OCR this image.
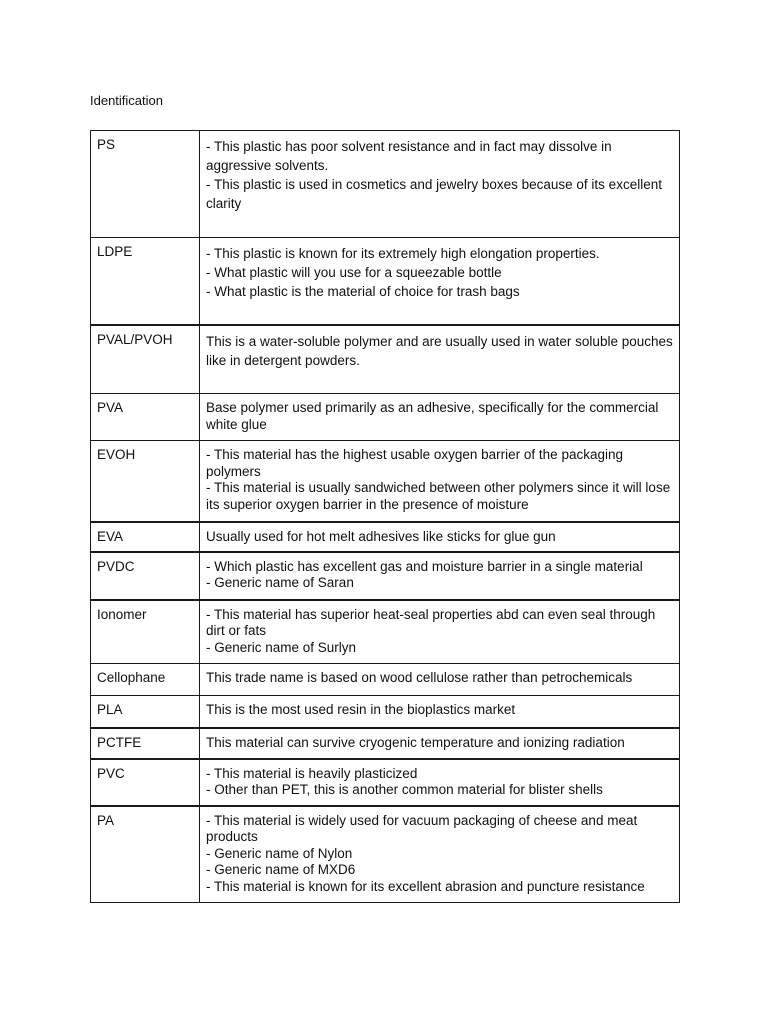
Identification

PS	- This plastic has poor solvent resistance and in fact may dissolve in aggressive solvents.
- This plastic is used in cosmetics and jewelry boxes because of its excellent clarity

LDPE	- This plastic is known for its extremely high elongation properties.
- What plastic will you use for a squeezable bottle
- What plastic is the material of choice for trash bags

PVAL/PVOH	This is a water-soluble polymer and are usually used in water soluble pouches like in detergent powders.

PVA	Base polymer used primarily as an adhesive, specifically for the commercial white glue

EVOH	- This material has the highest usable oxygen barrier of the packaging polymers
- This material is usually sandwiched between other polymers since it will lose its superior oxygen barrier in the presence of moisture

EVA	Usually used for hot melt adhesives like sticks for glue gun

PVDC	- Which plastic has excellent gas and moisture barrier in a single material
- Generic name of Saran

Ionomer	- This material has superior heat-seal properties abd can even seal through dirt or fats
- Generic name of Surlyn

Cellophane	This trade name is based on wood cellulose rather than petrochemicals

PLA	This is the most used resin in the bioplastics market

PCTFE	This material can survive cryogenic temperature and ionizing radiation

PVC	- This material is heavily plasticized
- Other than PET, this is another common material for blister shells

PA	- This material is widely used for vacuum packaging of cheese and meat products
- Generic name of Nylon
- Generic name of MXD6
- This material is known for its excellent abrasion and puncture resistance
